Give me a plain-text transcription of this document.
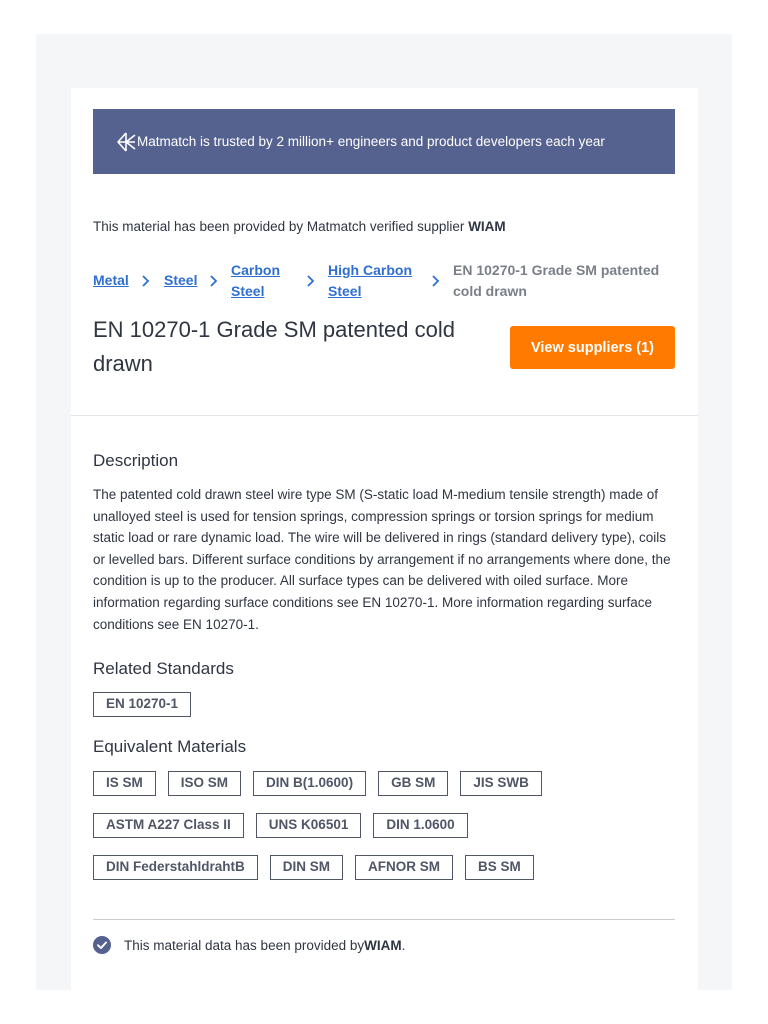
Matmatch is trusted by 2 million+ engineers and product developers each year
This material has been provided by Matmatch verified supplier WIAM
Metal	Steel
Carbon
Steel
High Carbon
Steel
EN 10270-1 Grade SM patented
cold drawn
EN 10270-1 Grade SM patented cold
drawn
View suppliers (1)
Description

The patented cold drawn steel wire type SM (S-static load M-medium tensile strength) made of unalloyed steel is used for tension springs, compression springs or torsion springs for medium static load or rare dynamic load. The wire will be delivered in rings (standard delivery type), coils or levelled bars. Different surface conditions by arrangement if no arrangements where done, the condition is up to the producer. All surface types can be delivered with oiled surface. More information regarding surface conditions see EN 10270-1. More information regarding surface conditions see EN 10270-1.

Related Standards
EN 10270-1
Equivalent Materials
IS SM	ISO SM	DIN B(1.0600)	GB SM	JIS SWB
ASTM A227 Class II	UNS K06501	DIN 1.0600
DIN FederstahldrahtB	DIN SM	AFNOR SM	BS SM
This material data has been provided by WIAM .
